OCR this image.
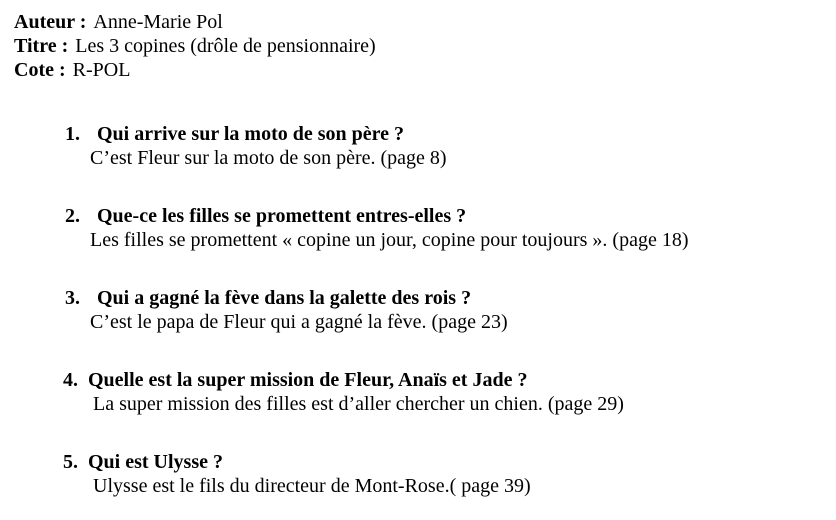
Auteur : Anne-Marie Pol
Titre : Les 3 copines (drôle de pensionnaire)
Cote : R-POL
1. Qui arrive sur la moto de son père ?
C’est Fleur sur la moto de son père. (page 8)
2. Que-ce les filles se promettent entres-elles ?
Les filles se promettent « copine un jour, copine pour toujours ». (page 18)
3. Qui a gagné la fève dans la galette des rois ?
C’est le papa de Fleur qui a gagné la fève. (page 23)
4. Quelle est la super mission de Fleur, Anaïs et Jade ?
La super mission des filles est d’aller chercher un chien. (page 29)
5. Qui est Ulysse ?
Ulysse est le fils du directeur de Mont-Rose.( page 39)
